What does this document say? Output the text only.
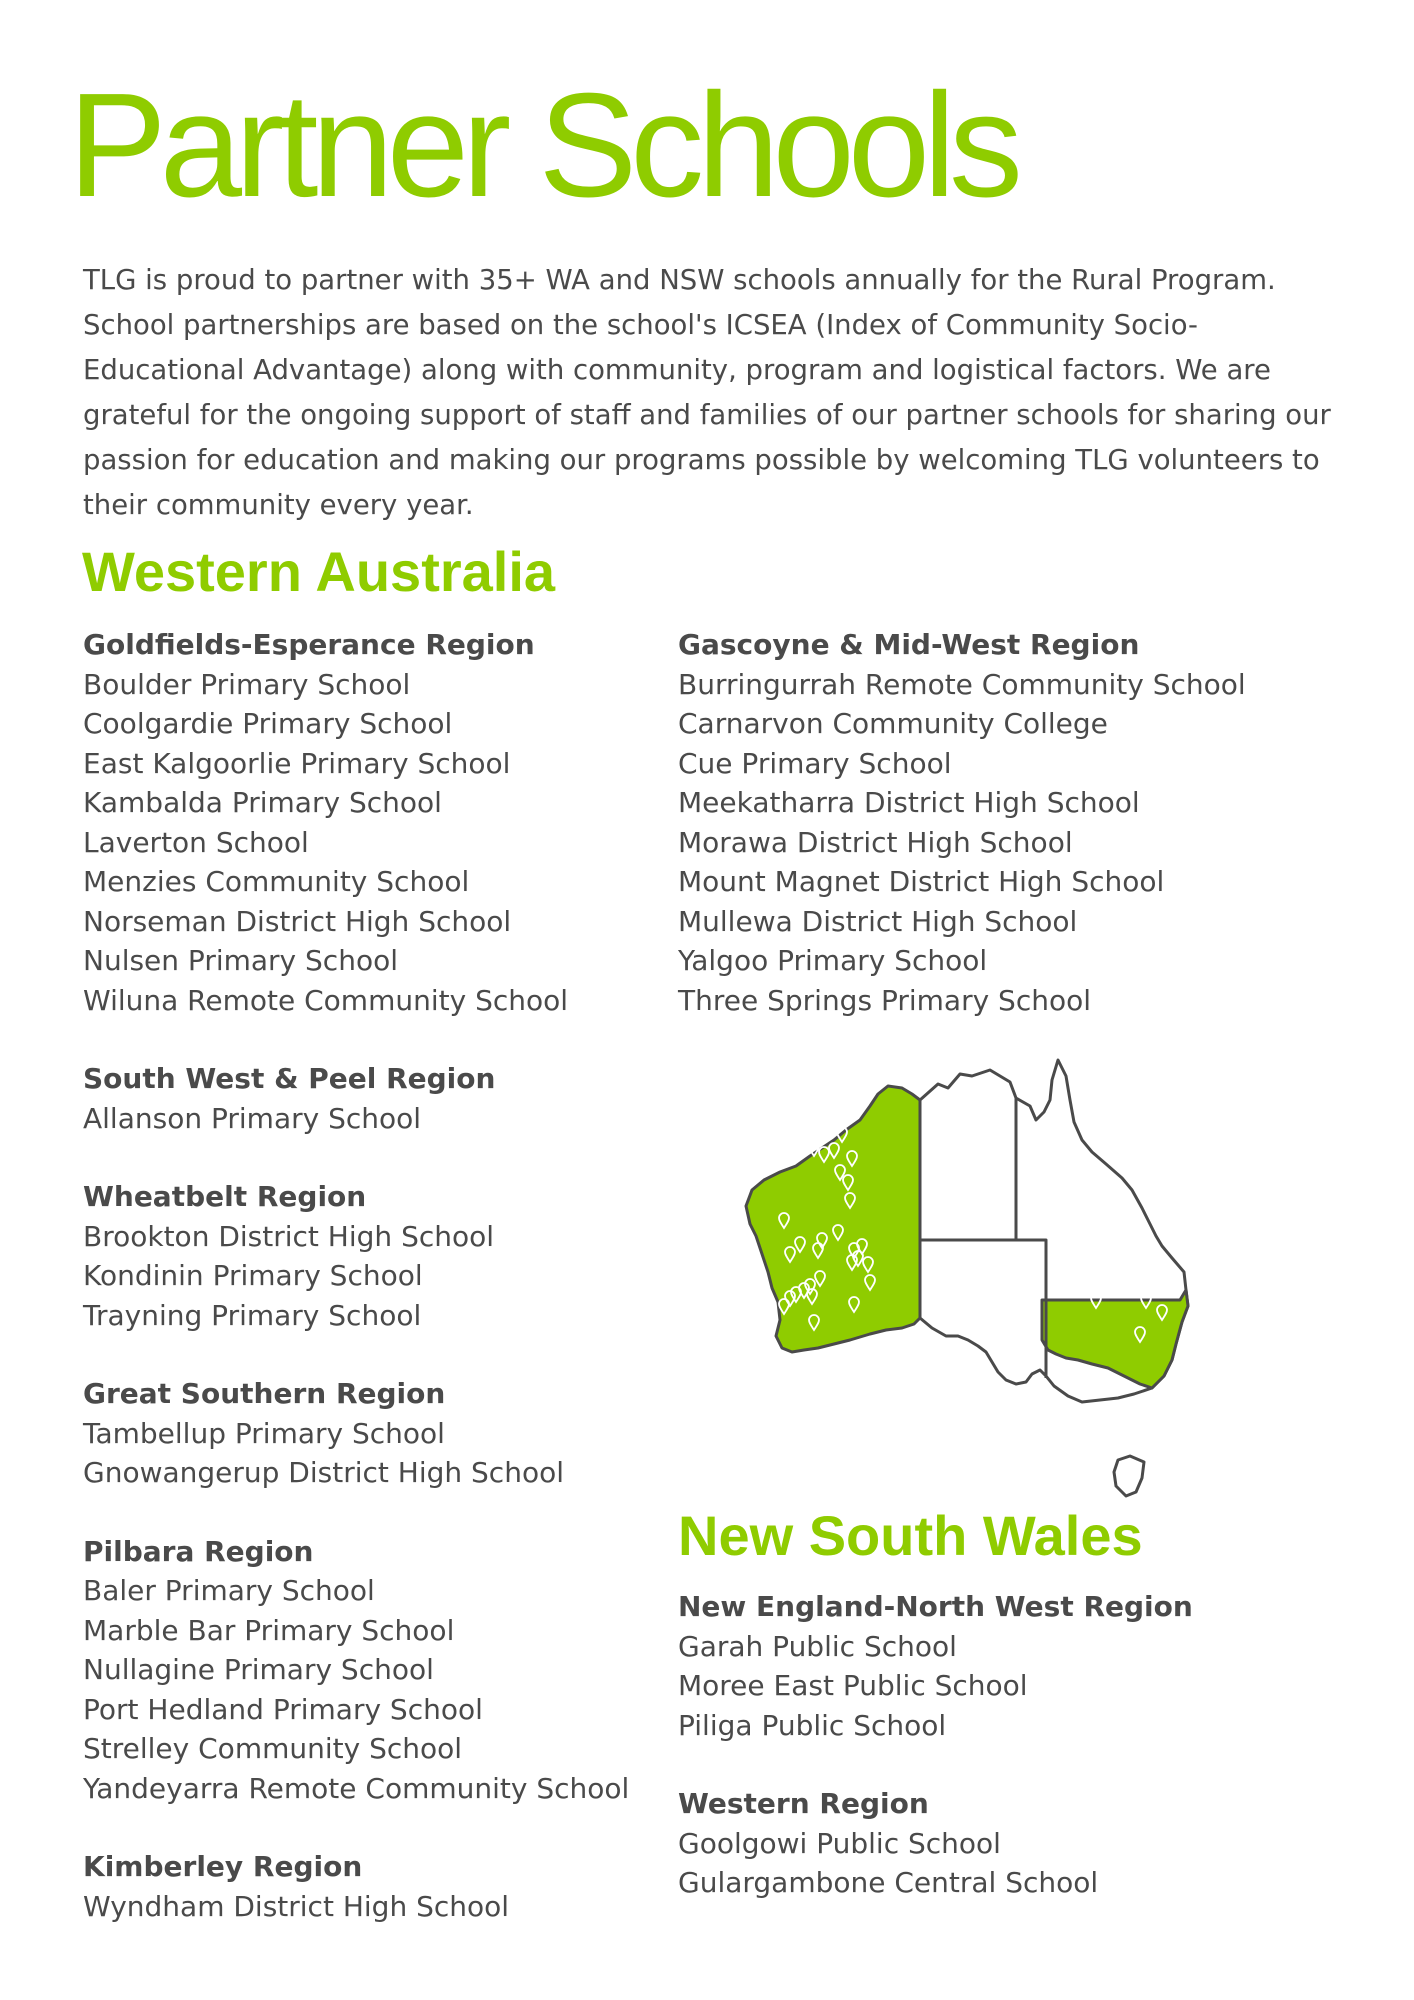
Partner Schools

TLG is proud to partner with 35+ WA and NSW schools annually for the Rural Program. School partnerships are based on the school's ICSEA (Index of Community Socio-Educational Advantage) along with community, program and logistical factors. We are grateful for the ongoing support of staff and families of our partner schools for sharing our passion for education and making our programs possible by welcoming TLG volunteers to their community every year.

Western Australia
Goldfields-Esperance Region
Boulder Primary School
Coolgardie Primary School
East Kalgoorlie Primary School
Kambalda Primary School
Laverton School
Menzies Community School
Norseman District High School
Nulsen Primary School
Wiluna Remote Community School
South West & Peel Region
Allanson Primary School
Wheatbelt Region
Brookton District High School
Kondinin Primary School
Trayning Primary School
Great Southern Region
Tambellup Primary School
Gnowangerup District High School
Pilbara Region
Baler Primary School
Marble Bar Primary School
Nullagine Primary School
Port Hedland Primary School
Strelley Community School
Yandeyarra Remote Community School
Kimberley Region
Wyndham District High School
Gascoyne & Mid-West Region
Burringurrah Remote Community School
Carnarvon Community College
Cue Primary School
Meekatharra District High School
Morawa District High School
Mount Magnet District High School
Mullewa District High School
Yalgoo Primary School
Three Springs Primary School
New South Wales
New England-North West Region
Garah Public School
Moree East Public School
Piliga Public School
Western Region
Goolgowi Public School
Gulargambone Central School
